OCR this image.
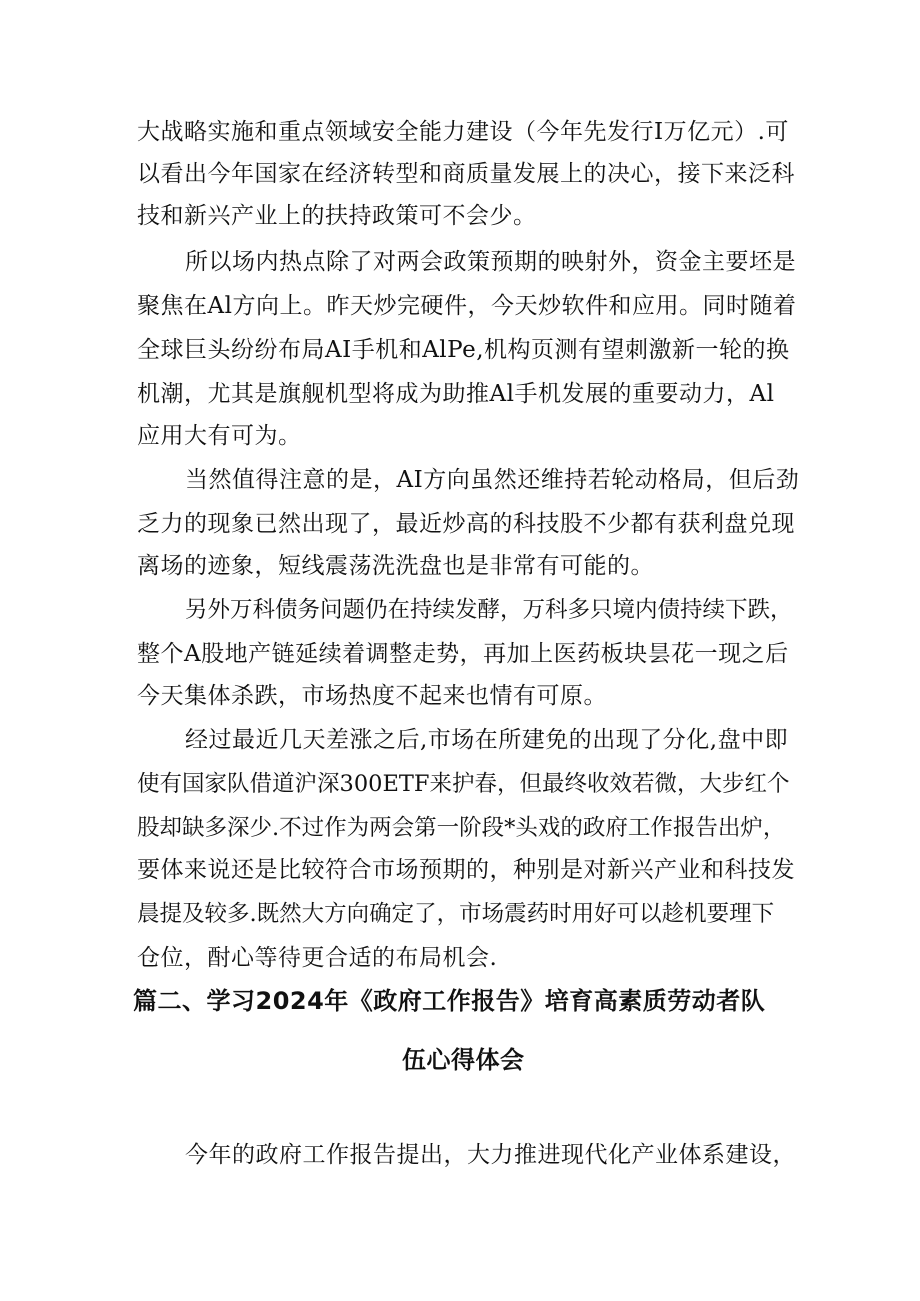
大战略实施和重点领域安全能力建设（今年先发行I万亿元）.可
以看出今年国家在经济转型和商质量发展上的决心，接下来泛科
技和新兴产业上的扶持政策可不会少。
所以场内热点除了对两会政策预期的映射外，资金主要坯是
聚焦在Al方向上。昨天炒完硬件，今天炒软件和应用。同时随着
全球巨头纷纷布局AI手机和AlPe,机构页测有望刺激新一轮的换
机潮，尤其是旗舰机型将成为助推Al手机发展的重要动力，Al
应用大有可为。
当然值得注意的是，AI方向虽然还维持若轮动格局，但后劲
乏力的现象已然出现了，最近炒高的科技股不少都有获利盘兑现
离场的迹象，短线震荡洗洗盘也是非常有可能的。
另外万科债务问题仍在持续发酵，万科多只境内债持续下跌，
整个A股地产链延续着调整走势，再加上医药板块昙花一现之后
今天集体杀跌，市场热度不起来也情有可原。
经过最近几天差涨之后,市场在所建免的出现了分化,盘中即
使有国家队借道沪深300ETF来护春，但最终收效若微，大步红个
股却缺多深少.不过作为两会第一阶段*头戏的政府工作报告出炉，
要体来说还是比较符合市场预期的，种别是对新兴产业和科技发
晨提及较多.既然大方向确定了，市场震药时用好可以趁机要理下
仓位，酎心等待更合适的布局机会.
篇二、学习2024年《政府工作报告》培育高素质劳动者队
伍心得体会
今年的政府工作报告提出，大力推进现代化产业体系建设，
